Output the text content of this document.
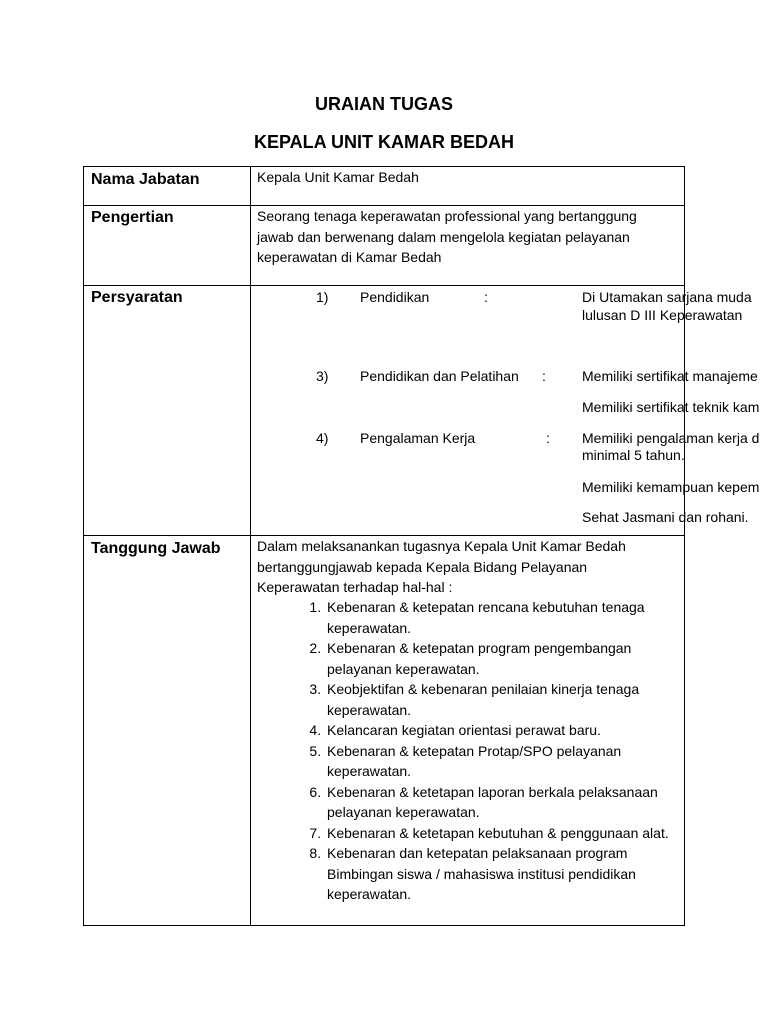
URAIAN TUGAS
KEPALA UNIT KAMAR BEDAH
Nama Jabatan	Kepala Unit Kamar Bedah
Pengertian	Seorang tenaga keperawatan professional yang bertanggung
jawab dan berwenang dalam mengelola kegiatan pelayanan
keperawatan di Kamar Bedah
Persyaratan	1) Pendidikan	:	Di Utamakan sarjana muda
lulusan D III Keperawatan
3) Pendidikan dan Pelatihan :	Memiliki sertifikat manajeme
Memiliki sertifikat teknik kam
4) Pengalaman Kerja	: Memiliki pengalaman kerja d
minimal 5 tahun.
Memiliki kemampuan kepem
Sehat Jasmani dan rohani.
Tanggung Jawab	Dalam melaksanankan tugasnya Kepala Unit Kamar Bedah
bertanggungjawab kepada Kepala Bidang Pelayanan
Keperawatan terhadap hal-hal :
1. Kebenaran & ketepatan rencana kebutuhan tenaga keperawatan.
2. Kebenaran & ketepatan program pengembangan pelayanan keperawatan.
3. Keobjektifan & kebenaran penilaian kinerja tenaga keperawatan.
4. Kelancaran kegiatan orientasi perawat baru.
5. Kebenaran & ketepatan Protap/SPO pelayanan keperawatan.
6. Kebenaran & ketetapan laporan berkala pelaksanaan pelayanan keperawatan.
7. Kebenaran & ketetapan kebutuhan & penggunaan alat.
8. Kebenaran dan ketepatan pelaksanaan program Bimbingan siswa / mahasiswa institusi pendidikan keperawatan.
